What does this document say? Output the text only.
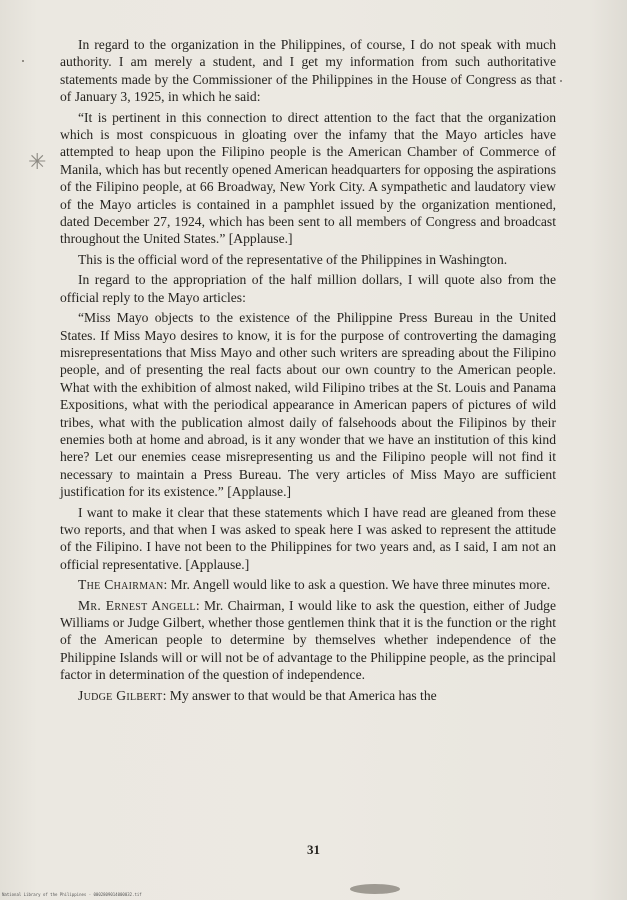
✳

In regard to the organization in the Philippines, of course, I do not speak with much authority. I am merely a student, and I get my information from such authoritative statements made by the Commissioner of the Philippines in the House of Congress as that of January 3, 1925, in which he said:

“It is pertinent in this connection to direct attention to the fact that the organization which is most conspicuous in gloating over the infamy that the Mayo articles have attempted to heap upon the Filipino people is the American Chamber of Commerce of Manila, which has but recently opened American headquarters for opposing the aspirations of the Filipino people, at 66 Broadway, New York City. A sympathetic and laudatory view of the Mayo articles is contained in a pamphlet issued by the organization mentioned, dated December 27, 1924, which has been sent to all members of Congress and broadcast throughout the United States.” [Applause.]

This is the official word of the representative of the Philippines in Washington.

In regard to the appropriation of the half million dollars, I will quote also from the official reply to the Mayo articles:

“Miss Mayo objects to the existence of the Philippine Press Bureau in the United States. If Miss Mayo desires to know, it is for the purpose of controverting the damaging misrepresentations that Miss Mayo and other such writers are spreading about the Filipino people, and of presenting the real facts about our own country to the American people. What with the exhibition of almost naked, wild Filipino tribes at the St. Louis and Panama Expositions, what with the periodical appearance in American papers of pictures of wild tribes, what with the publication almost daily of falsehoods about the Filipinos by their enemies both at home and abroad, is it any wonder that we have an institution of this kind here? Let our enemies cease misrepresenting us and the Filipino people will not find it necessary to maintain a Press Bureau. The very articles of Miss Mayo are sufficient justification for its existence.” [Applause.]

I want to make it clear that these statements which I have read are gleaned from these two reports, and that when I was asked to speak here I was asked to represent the attitude of the Filipino. I have not been to the Philippines for two years and, as I said, I am not an official representative. [Applause.]

The Chairman: Mr. Angell would like to ask a question. We have three minutes more.

Mr. Ernest Angell: Mr. Chairman, I would like to ask the question, either of Judge Williams or Judge Gilbert, whether those gentlemen think that it is the function or the right of the American people to determine by themselves whether independence of the Philippine Islands will or will not be of advantage to the Philippine people, as the principal factor in determination of the question of independence.

Judge Gilbert: My answer to that would be that America has the

31
National Library of the Philippines · 0002809014000032.tif
